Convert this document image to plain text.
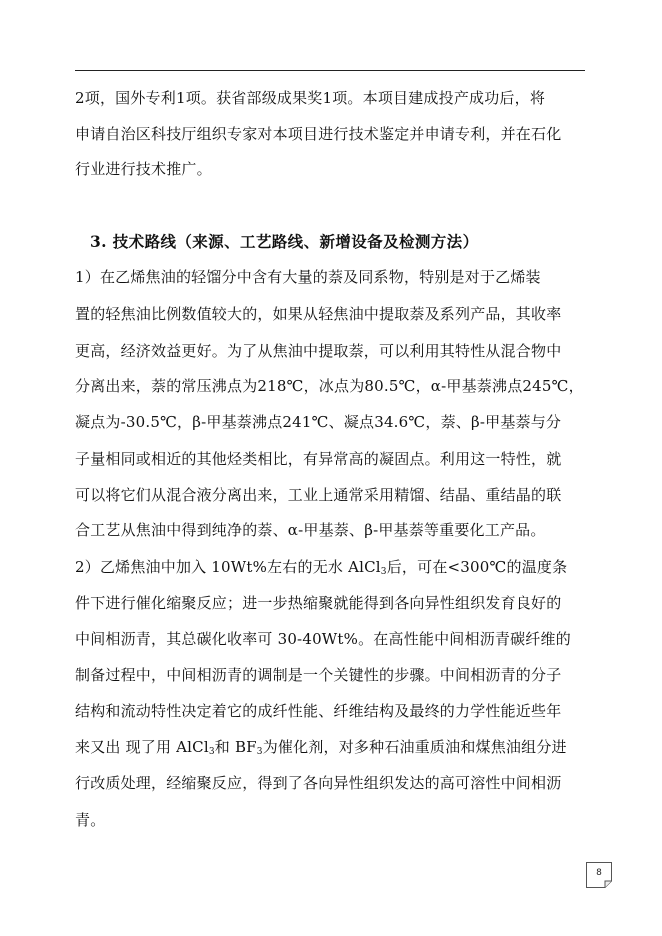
2项，国外专利1项。获省部级成果奖1项。本项目建成投产成功后，将
申请自治区科技厅组织专家对本项目进行技术鉴定并申请专利，并在石化
行业进行技术推广。
3. 技术路线（来源、工艺路线、新增设备及检测方法）
1）在乙烯焦油的轻馏分中含有大量的萘及同系物，特别是对于乙烯装
置的轻焦油比例数值较大的，如果从轻焦油中提取萘及系列产品，其收率
更高，经济效益更好。为了从焦油中提取萘，可以利用其特性从混合物中
分离出来，萘的常压沸点为218℃，冰点为80.5℃，α-甲基萘沸点245℃，
凝点为-30.5℃，β-甲基萘沸点241℃、凝点34.6℃，萘、β-甲基萘与分
子量相同或相近的其他烃类相比，有异常高的凝固点。利用这一特性，就
可以将它们从混合液分离出来，工业上通常采用精馏、结晶、重结晶的联
合工艺从焦油中得到纯净的萘、α-甲基萘、β-甲基萘等重要化工产品。
2）乙烯焦油中加入 10Wt%左右的无水 AlCl$_3$后，可在<300℃的温度条
件下进行催化缩聚反应；进一步热缩聚就能得到各向异性组织发育良好的
中间相沥青，其总碳化收率可 30-40Wt%。在高性能中间相沥青碳纤维的
制备过程中，中间相沥青的调制是一个关键性的步骤。中间相沥青的分子
结构和流动特性决定着它的成纤性能、纤维结构及最终的力学性能近些年
来又出 现了用 AlCl$_3$和 $BF_3$为催化剂，对多种石油重质油和煤焦油组分进
行改质处理，经缩聚反应，得到了各向异性组织发达的高可溶性中间相沥
青。
8
